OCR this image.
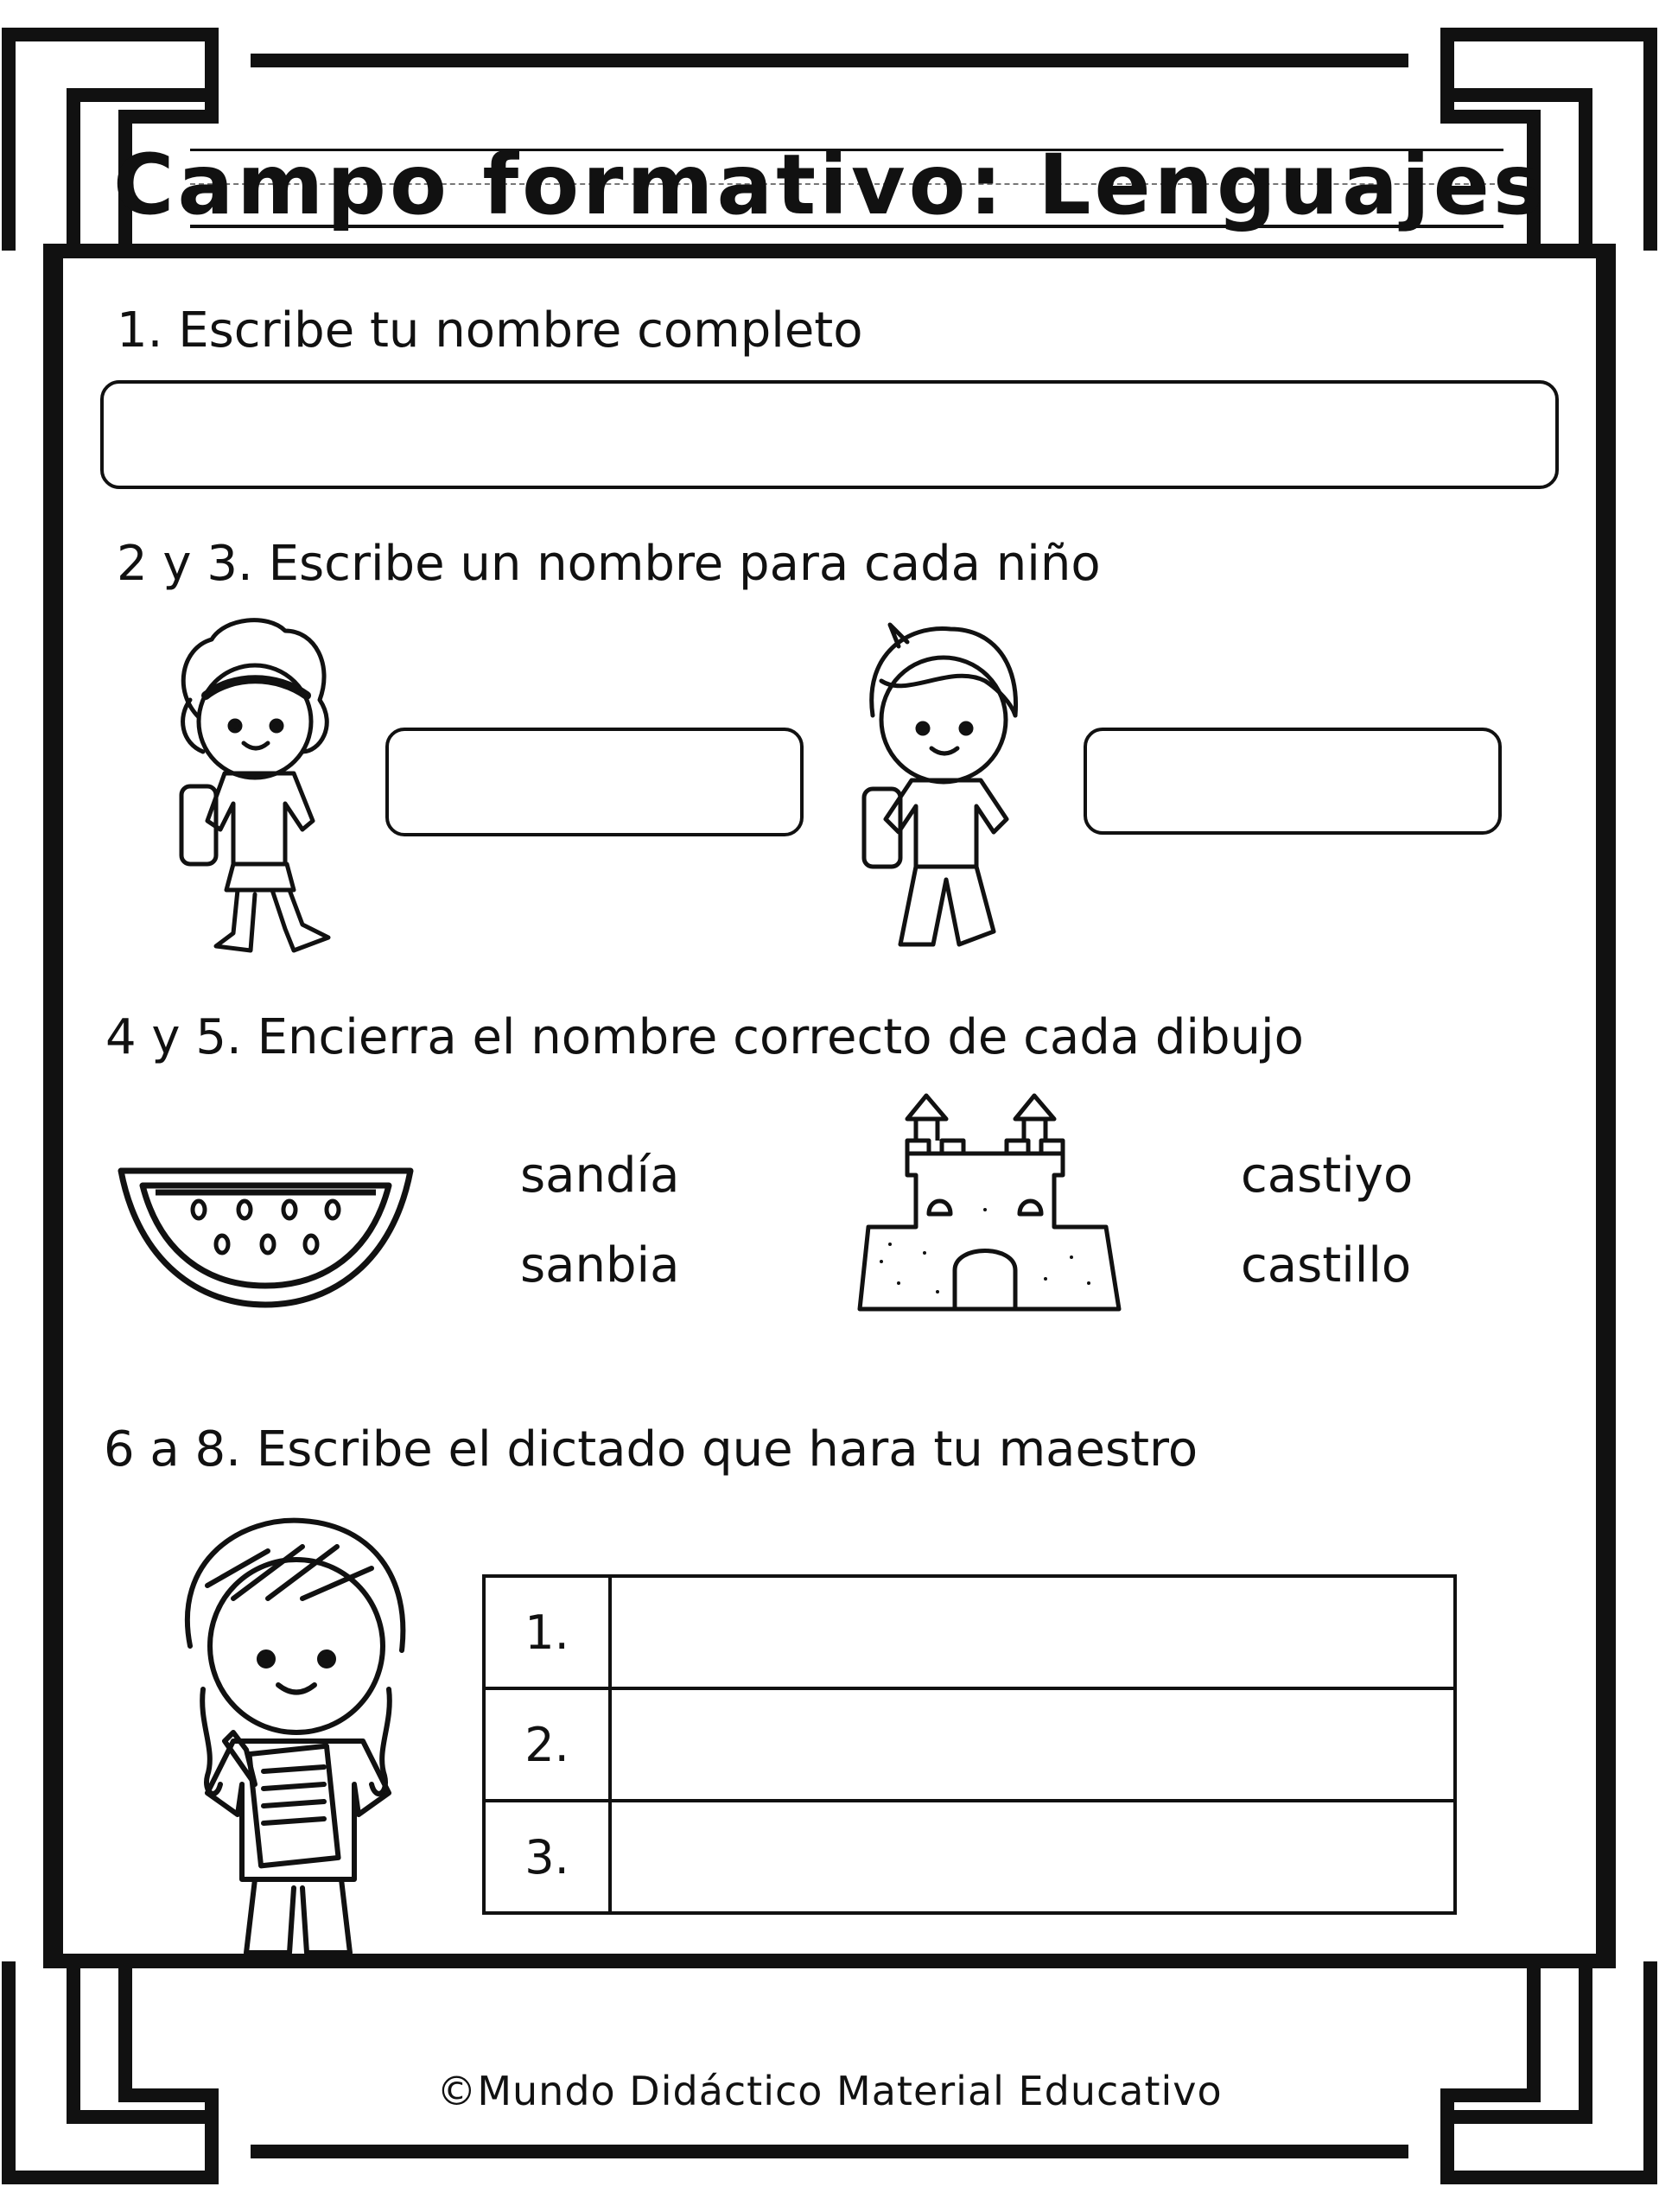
Campo formativo: Lenguajes
1. Escribe tu nombre completo
2 y 3. Escribe un nombre para cada niño
4 y 5. Encierra el nombre correcto de cada dibujo
sandía
sanbia
castiyo
castillo
6 a 8. Escribe el dictado que hara tu maestro
1.	
2.	
3.	
©Mundo Didáctico Material Educativo
